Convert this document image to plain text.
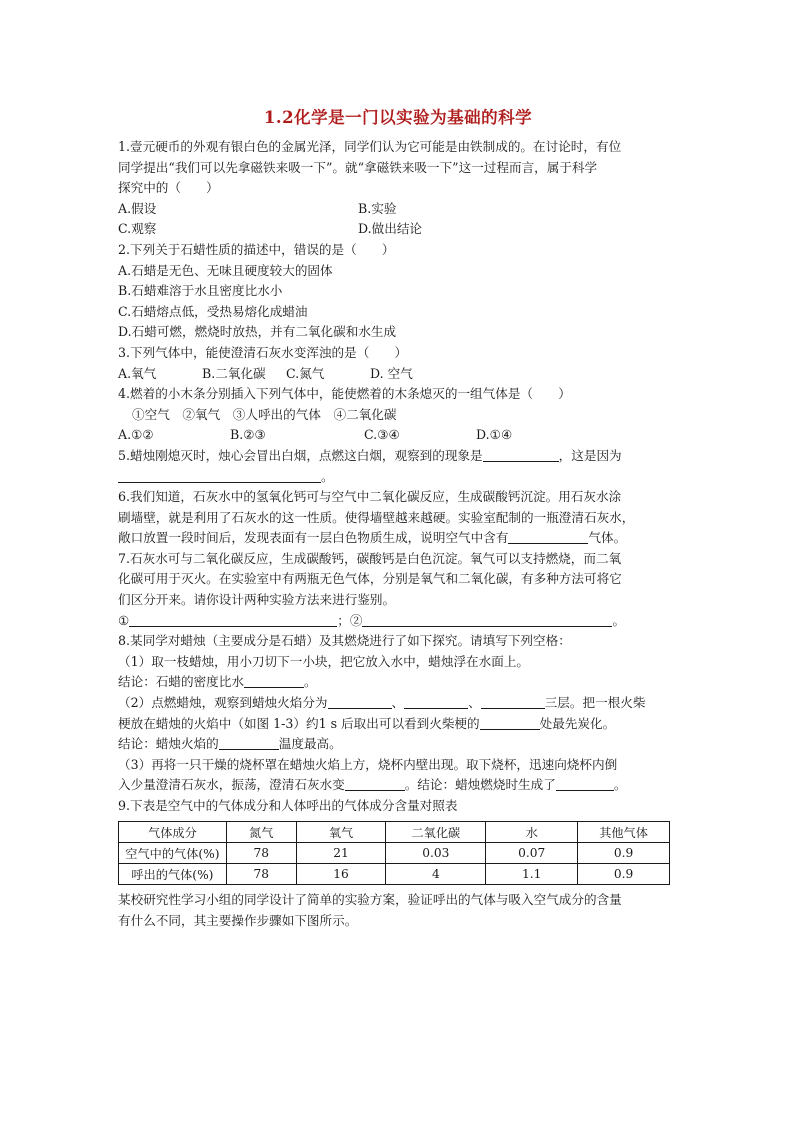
1.2化学是一门以实验为基础的科学
1.壹元硬币的外观有银白色的金属光泽，同学们认为它可能是由铁制成的。在讨论时，有位
同学提出“我们可以先拿磁铁来吸一下”。就“拿磁铁来吸一下”这一过程而言，属于科学
探究中的（　　）
A.假设	B.实验
C.观察	D.做出结论
2.下列关于石蜡性质的描述中，错误的是（　　）
A.石蜡是无色、无味且硬度较大的固体
B.石蜡难溶于水且密度比水小
C.石蜡熔点低，受热易熔化成蜡油
D.石蜡可燃，燃烧时放热，并有二氧化碳和水生成
3.下列气体中，能使澄清石灰水变浑浊的是（　　）
A.氧气	B.二氧化碳	C.氮气	D. 空气
4.燃着的小木条分别插入下列气体中，能使燃着的木条熄灭的一组气体是（　　）
①空气　②氧气　③人呼出的气体　④二氧化碳
A.①②	B.②③	C.③④	D.①④
5.蜡烛刚熄灭时，烛心会冒出白烟，点燃这白烟，观察到的现象是	，这是因为
。
6.我们知道，石灰水中的氢氧化钙可与空气中二氧化碳反应，生成碳酸钙沉淀。用石灰水涂
刷墙壁，就是利用了石灰水的这一性质。使得墙壁越来越硬。实验室配制的一瓶澄清石灰水，
敞口放置一段时间后，发现表面有一层白色物质生成，说明空气中含有	气体。
7.石灰水可与二氧化碳反应，生成碳酸钙，碳酸钙是白色沉淀。氧气可以支持燃烧，而二氧
化碳可用于灭火。在实验室中有两瓶无色气体，分别是氧气和二氧化碳，有多种方法可将它
们区分开来。请你设计两种实验方法来进行鉴别。
①	；②	。
8.某同学对蜡烛（主要成分是石蜡）及其燃烧进行了如下探究。请填写下列空格：
（1）取一枝蜡烛，用小刀切下一小块，把它放入水中，蜡烛浮在水面上。
结论：石蜡的密度比水	。
（2）点燃蜡烛，观察到蜡烛火焰分为	、	、	三层。把一根火柴
梗放在蜡烛的火焰中（如图 1-3）约1 s 后取出可以看到火柴梗的	处最先炭化。
结论：蜡烛火焰的	温度最高。
（3）再将一只干燥的烧杯罩在蜡烛火焰上方，烧杯内壁出现。取下烧杯，迅速向烧杯内倒
入少量澄清石灰水，振荡，澄清石灰水变	。结论：蜡烛燃烧时生成了	。
9.下表是空气中的气体成分和人体呼出的气体成分含量对照表
气体成分	氮气	氧气	二氧化碳	水	其他气体
空气中的气体(%)	78	21	0.03	0.07	0.9
呼出的气体(%)	78	16	4	1.1	0.9
某校研究性学习小组的同学设计了简单的实验方案，验证呼出的气体与吸入空气成分的含量
有什么不同，其主要操作步骤如下图所示。
